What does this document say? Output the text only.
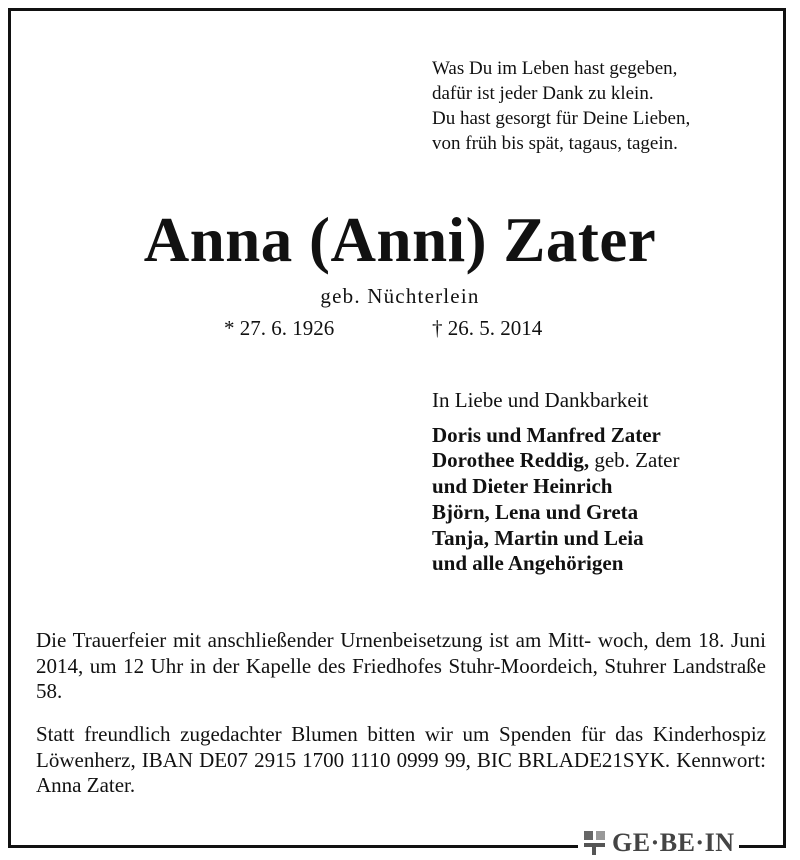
Was Du im Leben hast gegeben,
dafür ist jeder Dank zu klein.
Du hast gesorgt für Deine Lieben,
von früh bis spät, tagaus, tagein.
Anna (Anni) Zater
geb. Nüchterlein
* 27. 6. 1926	† 26. 5. 2014
In Liebe und Dankbarkeit
Doris und Manfred Zater
Dorothee Reddig, geb. Zater
und Dieter Heinrich
Björn, Lena und Greta
Tanja, Martin und Leia
und alle Angehörigen
Die Trauerfeier mit anschließender Urnenbeisetzung ist am Mitt- woch, dem 18. Juni 2014, um 12 Uhr in der Kapelle des Friedhofes Stuhr-Moordeich, Stuhrer Landstraße 58.
Statt freundlich zugedachter Blumen bitten wir um Spenden für das Kinderhospiz Löwenherz, IBAN DE07 2915 1700 1110 0999 99, BIC BRLADE21SYK. Kennwort: Anna Zater.
GE·BE·IN
